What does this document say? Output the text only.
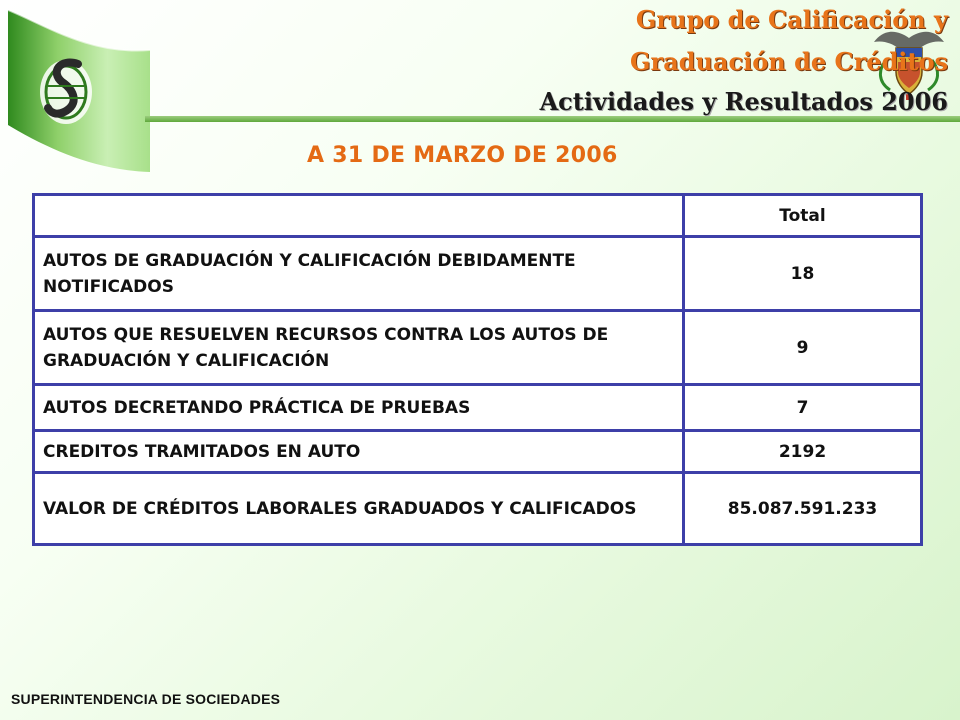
Grupo de Calificación y
Graduación de Créditos
Actividades y Resultados 2006
A 31 DE MARZO DE 2006
	Total
AUTOS DE GRADUACIÓN Y CALIFICACIÓN DEBIDAMENTE NOTIFICADOS	18
AUTOS QUE RESUELVEN RECURSOS CONTRA LOS AUTOS DE GRADUACIÓN Y CALIFICACIÓN	9
AUTOS DECRETANDO PRÁCTICA DE PRUEBAS	7
CREDITOS TRAMITADOS EN AUTO	2192
VALOR DE CRÉDITOS LABORALES GRADUADOS Y CALIFICADOS	85.087.591.233
SUPERINTENDENCIA DE SOCIEDADES
